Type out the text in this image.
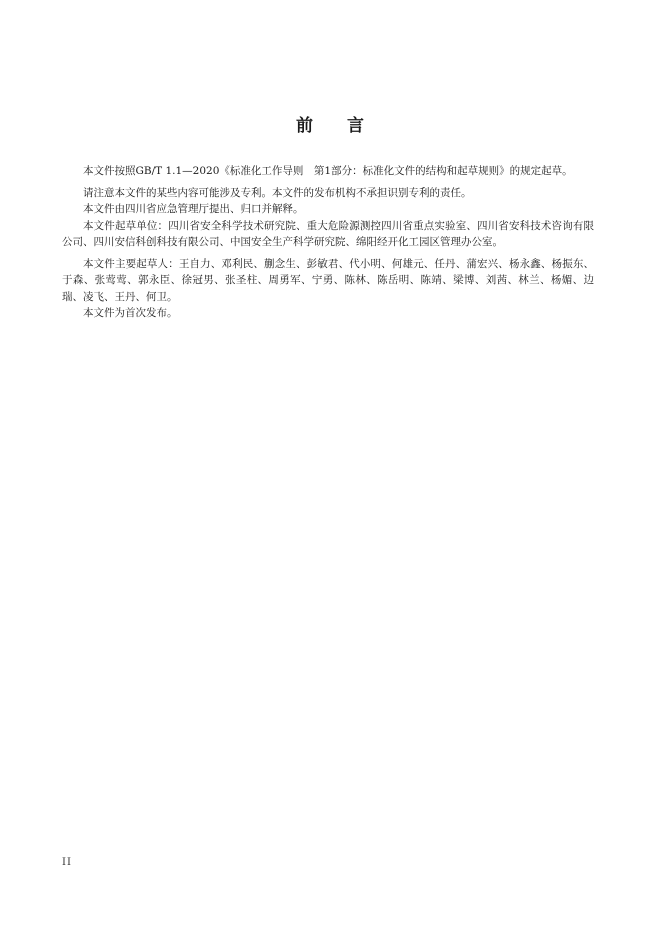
前 言

本文件按照GB/T 1.1—2020《标准化工作导则　第1部分：标准化文件的结构和起草规则》的规定起草。

请注意本文件的某些内容可能涉及专利。本文件的发布机构不承担识别专利的责任。

本文件由四川省应急管理厅提出、归口并解释。

本文件起草单位：四川省安全科学技术研究院、重大危险源测控四川省重点实验室、四川省安科技术咨询有限公司、四川安信科创科技有限公司、中国安全生产科学研究院、绵阳经开化工园区管理办公室。

本文件主要起草人：王自力、邓利民、蒯念生、彭敏君、代小明、何雄元、任丹、蒲宏兴、杨永鑫、杨振东、于森、张莺莺、郭永臣、徐冠男、张圣柱、周勇军、宁勇、陈林、陈岳明、陈靖、梁博、刘茜、林兰、杨媚、边瑞、凌飞、王丹、何卫。

本文件为首次发布。

II
